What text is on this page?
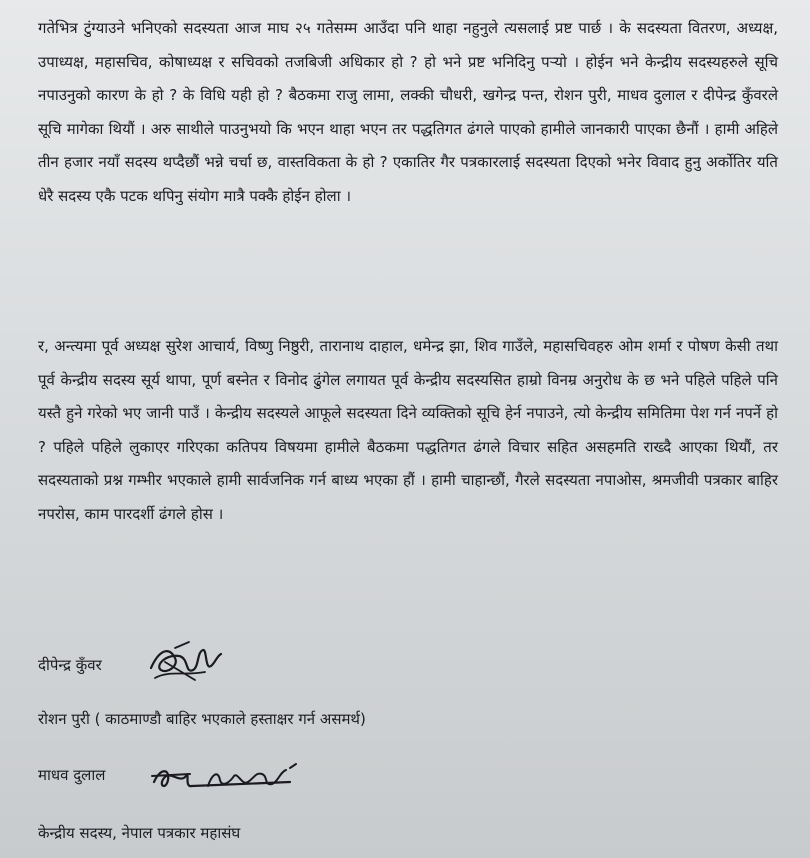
गतेभित्र टुंग्याउने भनिएको सदस्यता आज माघ २५ गतेसम्म आउँदा पनि थाहा नहुनुले त्यसलाई प्रष्ट पार्छ । के सदस्यता वितरण, अध्यक्ष, उपाध्यक्ष, महासचिव, कोषाध्यक्ष र सचिवको तजबिजी अधिकार हो ? हो भने प्रष्ट भनिदिनु पर्‍यो । होईन भने केन्द्रीय सदस्यहरुले सूचि नपाउनुको कारण के हो ? के विधि यही हो ? बैठकमा राजु लामा, लक्की चौधरी, खगेन्द्र पन्त, रोशन पुरी, माधव दुलाल र दीपेन्द्र कुँवरले सूचि मागेका थियौं । अरु साथीले पाउनुभयो कि भएन थाहा भएन तर पद्धतिगत ढंगले पाएको हामीले जानकारी पाएका छैनौं । हामी अहिले तीन हजार नयाँ सदस्य थप्दैछौं भन्ने चर्चा छ, वास्तविकता के हो ? एकातिर गैर पत्रकारलाई सदस्यता दिएको भनेर विवाद हुनु अर्कोतिर यति धेरै सदस्य एकै पटक थपिनु संयोग मात्रै पक्कै होईन होला ।

र, अन्त्यमा पूर्व अध्यक्ष सुरेश आचार्य, विष्णु निष्ठुरी, तारानाथ दाहाल, धमेन्द्र झा, शिव गाउँले, महासचिवहरु ओम शर्मा र पोषण केसी तथा पूर्व केन्द्रीय सदस्य सूर्य थापा, पूर्ण बस्नेत र विनोद ढुंगेल लगायत पूर्व केन्द्रीय सदस्यसित हाम्रो विनम्र अनुरोध के छ भने पहिले पहिले पनि यस्तै हुने गरेको भए जानी पाउँ । केन्द्रीय सदस्यले आफूले सदस्यता दिने व्यक्तिको सूचि हेर्न नपाउने, त्यो केन्द्रीय समितिमा पेश गर्न नपर्ने हो ? पहिले पहिले लुकाएर गरिएका कतिपय विषयमा हामीले बैठकमा पद्धतिगत ढंगले विचार सहित असहमति राख्दै आएका थियौं, तर सदस्यताको प्रश्न गम्भीर भएकाले हामी सार्वजनिक गर्न बाध्य भएका हौं । हामी चाहान्छौं, गैरले सदस्यता नपाओस, श्रमजीवी पत्रकार बाहिर नपरोस, काम पारदर्शी ढंगले होस ।

दीपेन्द्र कुँवर
रोशन पुरी ( काठमाण्डौ बाहिर भएकाले हस्ताक्षर गर्न असमर्थ)
माधव दुलाल
केन्द्रीय सदस्य, नेपाल पत्रकार महासंघ
